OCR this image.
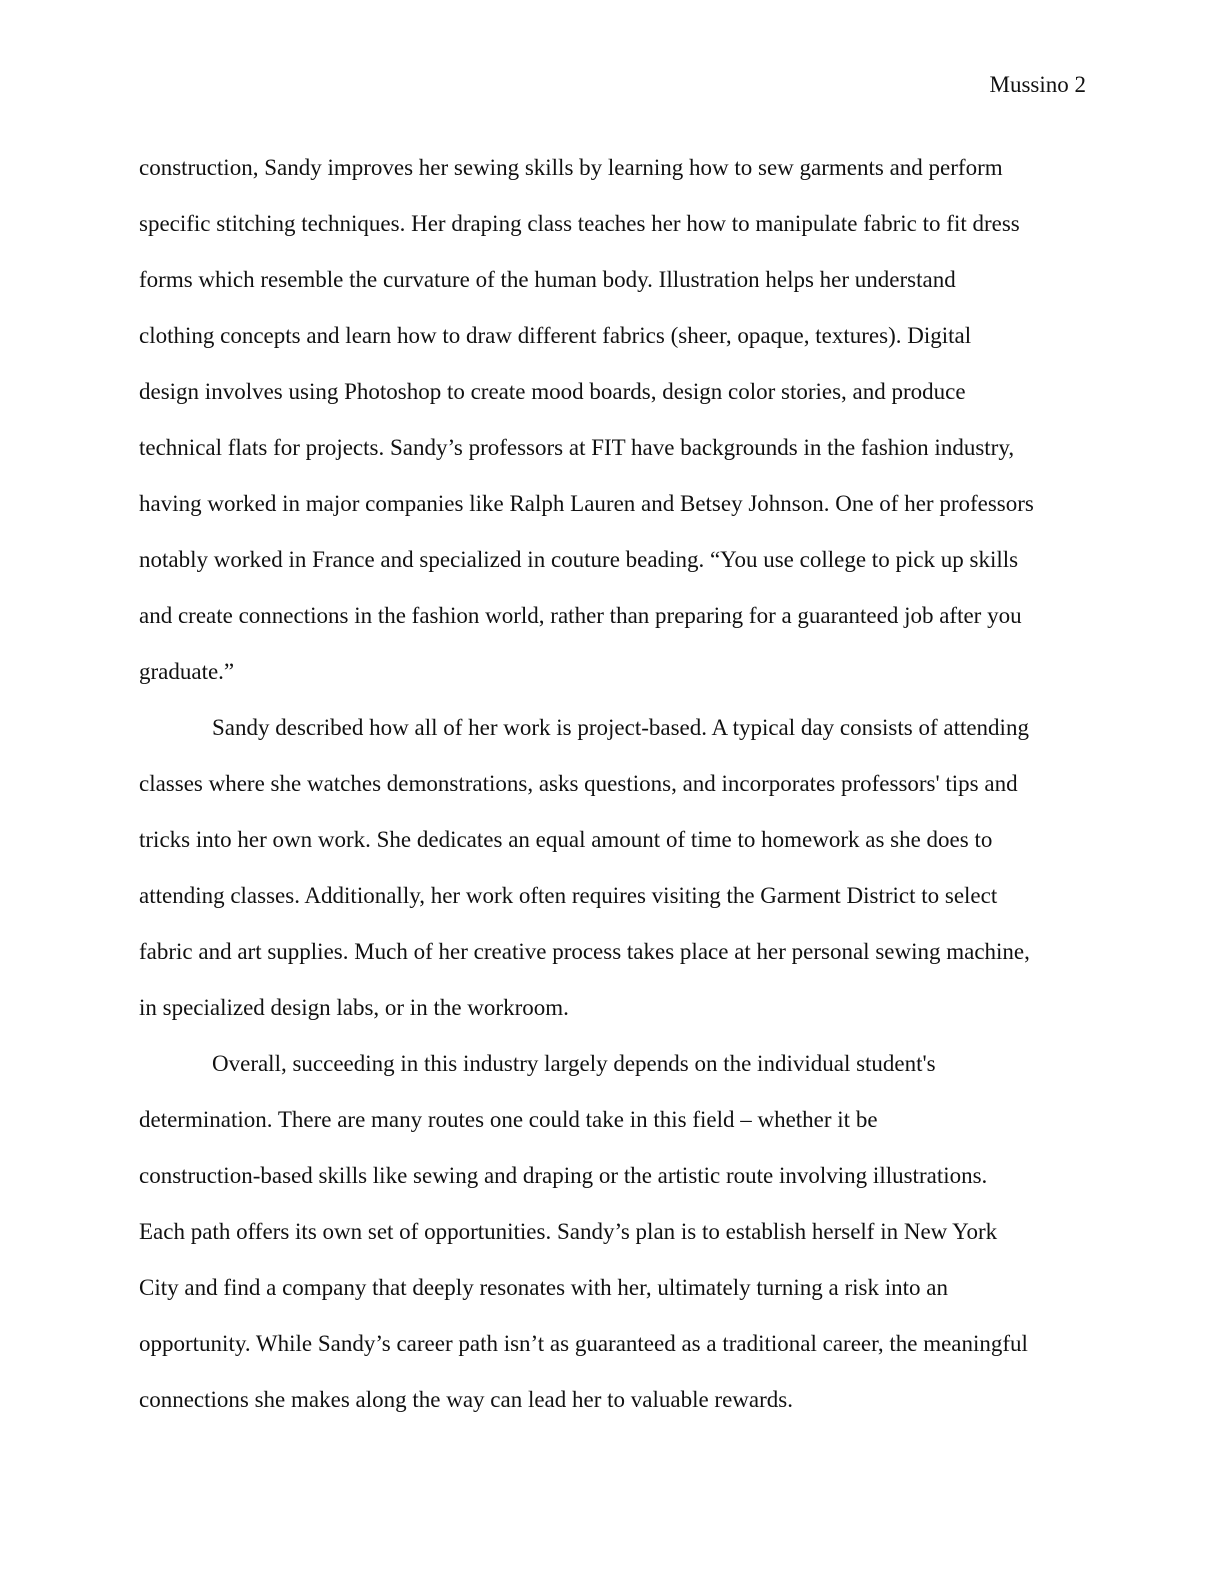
Mussino 2
construction, Sandy improves her sewing skills by learning how to sew garments and perform
specific stitching techniques. Her draping class teaches her how to manipulate fabric to fit dress
forms which resemble the curvature of the human body. Illustration helps her understand
clothing concepts and learn how to draw different fabrics (sheer, opaque, textures). Digital
design involves using Photoshop to create mood boards, design color stories, and produce
technical flats for projects. Sandy’s professors at FIT have backgrounds in the fashion industry,
having worked in major companies like Ralph Lauren and Betsey Johnson. One of her professors
notably worked in France and specialized in couture beading. “You use college to pick up skills
and create connections in the fashion world, rather than preparing for a guaranteed job after you
graduate.”
Sandy described how all of her work is project-based. A typical day consists of attending
classes where she watches demonstrations, asks questions, and incorporates professors' tips and
tricks into her own work. She dedicates an equal amount of time to homework as she does to
attending classes. Additionally, her work often requires visiting the Garment District to select
fabric and art supplies. Much of her creative process takes place at her personal sewing machine,
in specialized design labs, or in the workroom.
Overall, succeeding in this industry largely depends on the individual student's
determination. There are many routes one could take in this field – whether it be
construction-based skills like sewing and draping or the artistic route involving illustrations.
Each path offers its own set of opportunities. Sandy’s plan is to establish herself in New York
City and find a company that deeply resonates with her, ultimately turning a risk into an
opportunity. While Sandy’s career path isn’t as guaranteed as a traditional career, the meaningful
connections she makes along the way can lead her to valuable rewards.
